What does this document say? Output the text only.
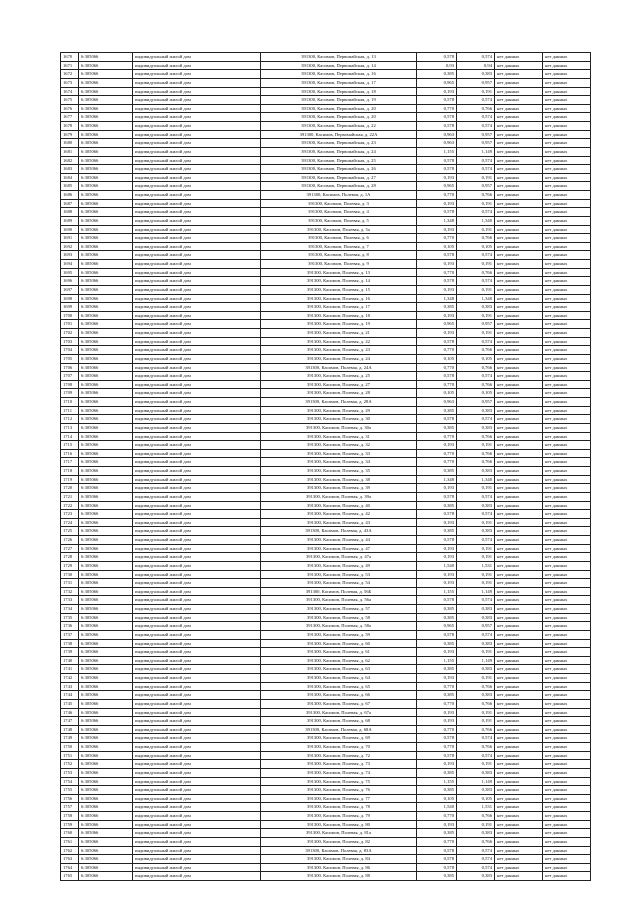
1670	6:305066	индивидуальный жилой дом	391300, Касимов, Первомайская, д. 13	0,578	0,574	нет данных	нет данных
1671	6:305066	индивидуальный жилой дом	391300, Касимов, Первомайская, д. 14	0,93	0,94	нет данных	нет данных
1672	6:305066	индивидуальный жилой дом	391300, Касимов, Первомайская, д. 16	0,385	0,383	нет данных	нет данных
1673	6:305066	индивидуальный жилой дом	391300, Касимов, Первомайская, д. 17	0,965	0,957	нет данных	нет данных
1674	6:305066	индивидуальный жилой дом	391300, Касимов, Первомайская, д. 18	0,193	0,191	нет данных	нет данных
1675	6:305066	индивидуальный жилой дом	391300, Касимов, Первомайская, д. 19	0,578	0,574	нет данных	нет данных
1676	6:305066	индивидуальный жилой дом	391300, Касимов, Первомайская, д. 20	0,770	0,766	нет данных	нет данных
1677	6:305066	индивидуальный жилой дом	391300, Касимов, Первомайская, д. 20	0,578	0,574	нет данных	нет данных
1678	6:305066	индивидуальный жилой дом	391300, Касимов, Первомайская, д. 22	0,578	0,574	нет данных	нет данных
1679	6:305066	индивидуальный жилой дом	391300, Касимов, Первомайская, д. 22А	0,963	0,957	нет данных	нет данных
1680	6:305066	индивидуальный жилой дом	391300, Касимов, Первомайская, д. 23	0,963	0,957	нет данных	нет данных
1681	6:305066	индивидуальный жилой дом	391300, Касимов, Первомайская, д. 24	1,155	1,149	нет данных	нет данных
1682	6:305066	индивидуальный жилой дом	391300, Касимов, Первомайская, д. 25	0,578	0,574	нет данных	нет данных
1683	6:305066	индивидуальный жилой дом	391300, Касимов, Первомайская, д. 26	0,578	0,574	нет данных	нет данных
1684	6:305066	индивидуальный жилой дом	391300, Касимов, Первомайская, д. 27	0,193	0,191	нет данных	нет данных
1685	6:305066	индивидуальный жилой дом	391300, Касимов, Первомайская, д. 28	0,965	0,957	нет данных	нет данных
1686	6:305066	индивидуальный жилой дом	391300, Касимов, Полевая, д. 1А	0,770	0,766	нет данных	нет данных
1687	6:305066	индивидуальный жилой дом	391300, Касимов, Полевая, д. 3	0,193	0,191	нет данных	нет данных
1688	6:305066	индивидуальный жилой дом	391300, Касимов, Полевая, д. 4	0,578	0,574	нет данных	нет данных
1689	6:305066	индивидуальный жилой дом	391300, Касимов, Полевая, д. 5	1,348	1,340	нет данных	нет данных
1690	6:305066	индивидуальный жилой дом	391300, Касимов, Полевая, д. 5а	0,193	0,191	нет данных	нет данных
1691	6:305066	индивидуальный жилой дом	391300, Касимов, Полевая, д. 6	0,770	0,766	нет данных	нет данных
1692	6:305066	индивидуальный жилой дом	391300, Касимов, Полевая, д. 7	0,105	0,105	нет данных	нет данных
1693	6:305066	индивидуальный жилой дом	391300, Касимов, Полевая, д. 8	0,578	0,574	нет данных	нет данных
1694	6:305066	индивидуальный жилой дом	391300, Касимов, Полевая, д. 9	0,193	0,191	нет данных	нет данных
1695	6:305066	индивидуальный жилой дом	391300, Касимов, Полевая, д. 13	0,770	0,766	нет данных	нет данных
1696	6:305066	индивидуальный жилой дом	391300, Касимов, Полевая, д. 14	0,578	0,574	нет данных	нет данных
1697	6:305066	индивидуальный жилой дом	391300, Касимов, Полевая, д. 15	0,193	0,191	нет данных	нет данных
1698	6:305066	индивидуальный жилой дом	391300, Касимов, Полевая, д. 16	1,348	1,340	нет данных	нет данных
1699	6:305066	индивидуальный жилой дом	391300, Касимов, Полевая, д. 17	0,385	0,383	нет данных	нет данных
1700	6:305066	индивидуальный жилой дом	391300, Касимов, Полевая, д. 18	0,193	0,191	нет данных	нет данных
1701	6:305066	индивидуальный жилой дом	391300, Касимов, Полевая, д. 19	0,965	0,957	нет данных	нет данных
1702	6:305066	индивидуальный жилой дом	391300, Касимов, Полевая, д. 21	0,193	0,191	нет данных	нет данных
1703	6:305066	индивидуальный жилой дом	391300, Касимов, Полевая, д. 22	0,578	0,574	нет данных	нет данных
1704	6:305066	индивидуальный жилой дом	391300, Касимов, Полевая, д. 23	0,770	0,766	нет данных	нет данных
1705	6:305066	индивидуальный жилой дом	391300, Касимов, Полевая, д. 24	0,105	0,105	нет данных	нет данных
1706	6:305066	индивидуальный жилой дом	391300, Касимов, Полевая, д. 24А	0,770	0,766	нет данных	нет данных
1707	6:305066	индивидуальный жилой дом	391300, Касимов, Полевая, д. 25	0,578	0,574	нет данных	нет данных
1708	6:305066	индивидуальный жилой дом	391300, Касимов, Полевая, д. 27	0,770	0,766	нет данных	нет данных
1709	6:305066	индивидуальный жилой дом	391300, Касимов, Полевая, д. 28	0,105	0,105	нет данных	нет данных
1710	6:305066	индивидуальный жилой дом	391300, Касимов, Полевая, д. 28А	0,963	0,957	нет данных	нет данных
1711	6:305066	индивидуальный жилой дом	391300, Касимов, Полевая, д. 29	0,385	0,383	нет данных	нет данных
1712	6:305066	индивидуальный жилой дом	391300, Касимов, Полевая, д. 30	0,578	0,574	нет данных	нет данных
1713	6:305066	индивидуальный жилой дом	391300, Касимов, Полевая, д. 30а	0,385	0,383	нет данных	нет данных
1714	6:305066	индивидуальный жилой дом	391300, Касимов, Полевая, д. 31	0,770	0,766	нет данных	нет данных
1715	6:305066	индивидуальный жилой дом	391300, Касимов, Полевая, д. 32	0,193	0,191	нет данных	нет данных
1716	6:305066	индивидуальный жилой дом	391300, Касимов, Полевая, д. 33	0,770	0,766	нет данных	нет данных
1717	6:305066	индивидуальный жилой дом	391300, Касимов, Полевая, д. 34	0,770	0,766	нет данных	нет данных
1718	6:305066	индивидуальный жилой дом	391300, Касимов, Полевая, д. 35	0,385	0,383	нет данных	нет данных
1719	6:305066	индивидуальный жилой дом	391300, Касимов, Полевая, д. 38	1,348	1,340	нет данных	нет данных
1720	6:305066	индивидуальный жилой дом	391300, Касимов, Полевая, д. 39	0,193	0,191	нет данных	нет данных
1721	6:305066	индивидуальный жилой дом	391300, Касимов, Полевая, д. 39а	0,578	0,574	нет данных	нет данных
1722	6:305066	индивидуальный жилой дом	391300, Касимов, Полевая, д. 40	0,385	0,383	нет данных	нет данных
1723	6:305066	индивидуальный жилой дом	391300, Касимов, Полевая, д. 42	0,578	0,574	нет данных	нет данных
1724	6:305066	индивидуальный жилой дом	391300, Касимов, Полевая, д. 43	0,193	0,191	нет данных	нет данных
1725	6:305066	индивидуальный жилой дом	391300, Касимов, Полевая, д. 43А	0,385	0,383	нет данных	нет данных
1726	6:305066	индивидуальный жилой дом	391300, Касимов, Полевая, д. 44	0,578	0,574	нет данных	нет данных
1727	6:305066	индивидуальный жилой дом	391300, Касимов, Полевая, д. 47	0,193	0,191	нет данных	нет данных
1728	6:305066	индивидуальный жилой дом	391300, Касимов, Полевая, д. 47а	0,193	0,191	нет данных	нет данных
1729	6:305066	индивидуальный жилой дом	391300, Касимов, Полевая, д. 49	1,540	1,531	нет данных	нет данных
1730	6:305066	индивидуальный жилой дом	391300, Касимов, Полевая, д. 53	0,193	0,191	нет данных	нет данных
1731	6:305066	индивидуальный жилой дом	391300, Касимов, Полевая, д. 54	0,193	0,191	нет данных	нет данных
1732	6:305066	индивидуальный жилой дом	391300, Касимов, Полевая, д. 56Б	1,155	1,149	нет данных	нет данных
1733	6:305066	индивидуальный жилой дом	391300, Касимов, Полевая, д. 56а	0,578	0,574	нет данных	нет данных
1734	6:305066	индивидуальный жилой дом	391300, Касимов, Полевая, д. 57	0,385	0,383	нет данных	нет данных
1735	6:305066	индивидуальный жилой дом	391300, Касимов, Полевая, д. 58	0,385	0,383	нет данных	нет данных
1736	6:305066	индивидуальный жилой дом	391300, Касимов, Полевая, д. 58а	0,965	0,957	нет данных	нет данных
1737	6:305066	индивидуальный жилой дом	391300, Касимов, Полевая, д. 59	0,578	0,574	нет данных	нет данных
1738	6:305066	индивидуальный жилой дом	391300, Касимов, Полевая, д. 60	0,385	0,383	нет данных	нет данных
1739	6:305066	индивидуальный жилой дом	391300, Касимов, Полевая, д. 61	0,193	0,191	нет данных	нет данных
1740	6:305066	индивидуальный жилой дом	391300, Касимов, Полевая, д. 62	1,155	1,149	нет данных	нет данных
1741	6:305066	индивидуальный жилой дом	391300, Касимов, Полевая, д. 63	0,385	0,383	нет данных	нет данных
1742	6:305066	индивидуальный жилой дом	391300, Касимов, Полевая, д. 64	0,193	0,191	нет данных	нет данных
1743	6:305066	индивидуальный жилой дом	391300, Касимов, Полевая, д. 65	0,770	0,766	нет данных	нет данных
1744	6:305066	индивидуальный жилой дом	391300, Касимов, Полевая, д. 66	0,385	0,383	нет данных	нет данных
1745	6:305066	индивидуальный жилой дом	391300, Касимов, Полевая, д. 67	0,770	0,766	нет данных	нет данных
1746	6:305066	индивидуальный жилой дом	391300, Касимов, Полевая, д. 67а	0,193	0,191	нет данных	нет данных
1747	6:305066	индивидуальный жилой дом	391300, Касимов, Полевая, д. 68	0,193	0,191	нет данных	нет данных
1748	6:305066	индивидуальный жилой дом	391300, Касимов, Полевая, д. 68А	0,770	0,766	нет данных	нет данных
1749	6:305066	индивидуальный жилой дом	391300, Касимов, Полевая, д. 69	0,578	0,574	нет данных	нет данных
1750	6:305066	индивидуальный жилой дом	391300, Касимов, Полевая, д. 70	0,770	0,766	нет данных	нет данных
1751	6:305066	индивидуальный жилой дом	391300, Касимов, Полевая, д. 72	0,578	0,574	нет данных	нет данных
1752	6:305066	индивидуальный жилой дом	391300, Касимов, Полевая, д. 73	0,193	0,191	нет данных	нет данных
1753	6:305066	индивидуальный жилой дом	391300, Касимов, Полевая, д. 74	0,385	0,383	нет данных	нет данных
1754	6:305066	индивидуальный жилой дом	391300, Касимов, Полевая, д. 75	1,155	1,149	нет данных	нет данных
1755	6:305066	индивидуальный жилой дом	391300, Касимов, Полевая, д. 76	0,385	0,383	нет данных	нет данных
1756	6:305066	индивидуальный жилой дом	391300, Касимов, Полевая, д. 77	0,105	0,105	нет данных	нет данных
1757	6:305066	индивидуальный жилой дом	391300, Касимов, Полевая, д. 78	1,540	1,531	нет данных	нет данных
1758	6:305066	индивидуальный жилой дом	391300, Касимов, Полевая, д. 79	0,770	0,766	нет данных	нет данных
1759	6:305066	индивидуальный жилой дом	391300, Касимов, Полевая, д. 80	0,193	0,191	нет данных	нет данных
1760	6:305066	индивидуальный жилой дом	391300, Касимов, Полевая, д. 81а	0,385	0,383	нет данных	нет данных
1761	6:305066	индивидуальный жилой дом	391300, Касимов, Полевая, д. 82	0,770	0,766	нет данных	нет данных
1762	6:305066	индивидуальный жилой дом	391300, Касимов, Полевая, д. 83А	0,578	0,574	нет данных	нет данных
1763	6:305066	индивидуальный жилой дом	391300, Касимов, Полевая, д. 84	0,578	0,574	нет данных	нет данных
1764	6:305066	индивидуальный жилой дом	391300, Касимов, Полевая, д. 86	0,578	0,574	нет данных	нет данных
1765	6:305066	индивидуальный жилой дом	391300, Касимов, Полевая, д. 88	0,385	0,383	нет данных	нет данных
